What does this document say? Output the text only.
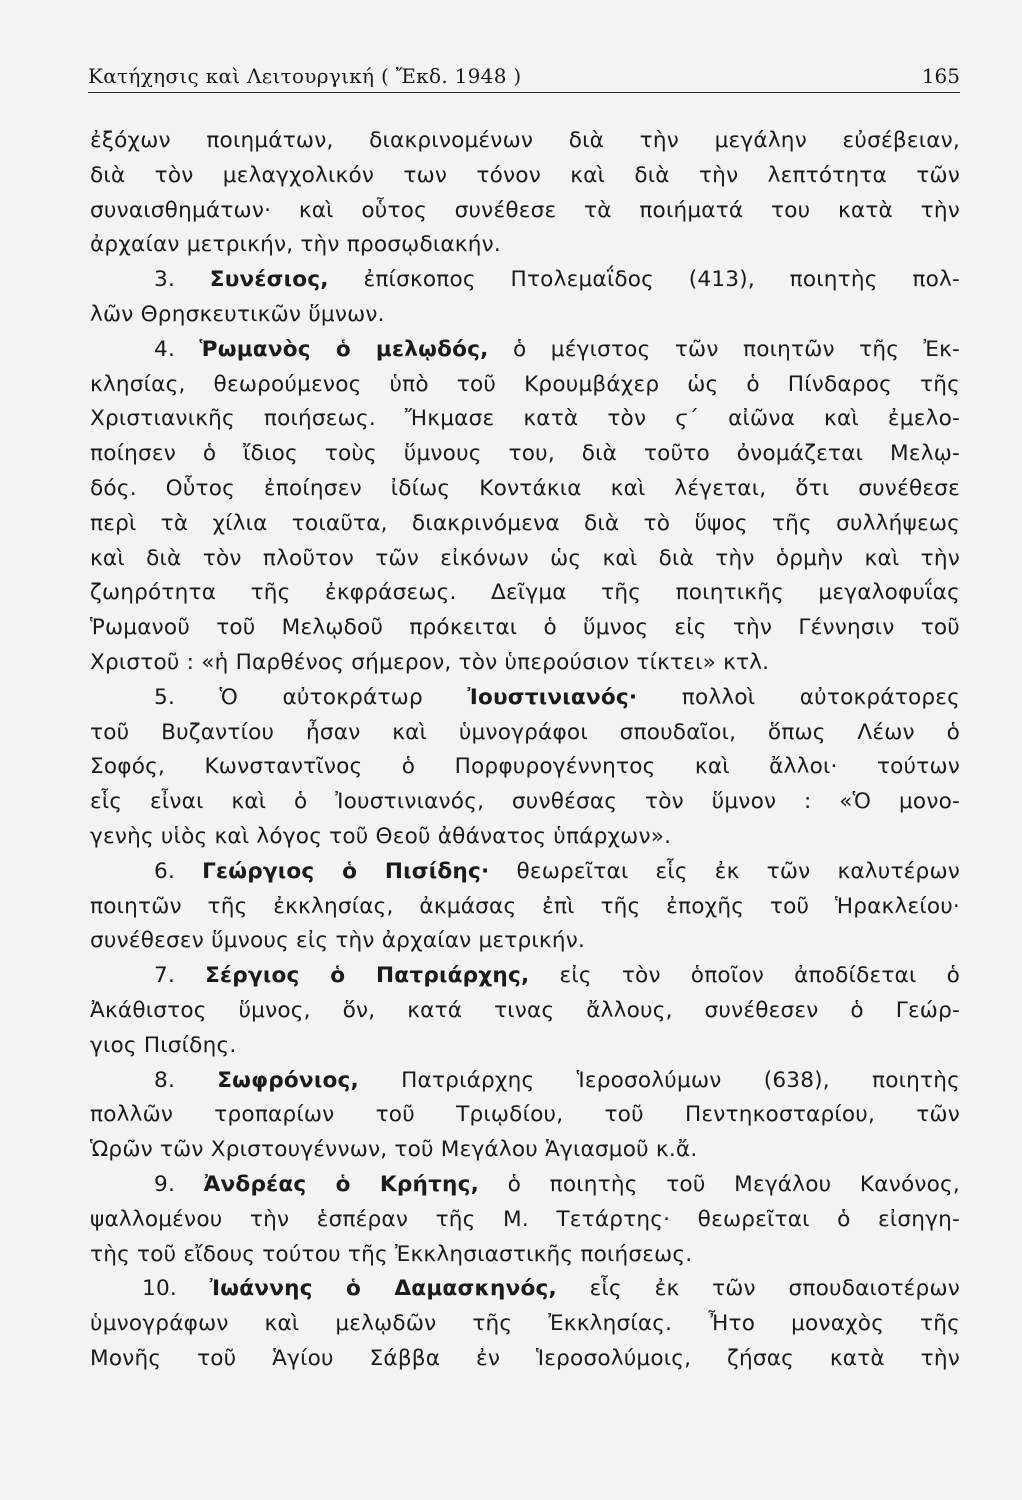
Κατήχησις καὶ Λειτουργική ( Ἔκδ. 1948 )	165
ἐξόχων ποιημάτων, διακρινομένων διὰ τὴν μεγάλην εὐσέβειαν,
διὰ τὸν μελαγχολικόν των τόνον καὶ διὰ τὴν λεπτότητα τῶν
συναισθημάτων· καὶ οὗτος συνέθεσε τὰ ποιήματά του κατὰ τὴν
ἀρχαίαν μετρικήν, τὴν προσῳδιακήν.
3. Συνέσιος, ἐπίσκοπος Πτολεμαΐδος (413), ποιητὴς πολ-
λῶν Θρησκευτικῶν ὕμνων.
4. Ῥωμανὸς ὁ μελῳδός, ὁ μέγιστος τῶν ποιητῶν τῆς Ἐκ-
κλησίας, θεωρούμενος ὑπὸ τοῦ Κρουμβάχερ ὡς ὁ Πίνδαρος τῆς
Χριστιανικῆς ποιήσεως. Ἤκμασε κατὰ τὸν ϛ΄ αἰῶνα καὶ ἐμελο-
ποίησεν ὁ ἴδιος τοὺς ὕμνους του, διὰ τοῦτο ὀνομάζεται Μελῳ-
δός. Οὗτος ἐποίησεν ἰδίως Κοντάκια καὶ λέγεται, ὅτι συνέθεσε
περὶ τὰ χίλια τοιαῦτα, διακρινόμενα διὰ τὸ ὕψος τῆς συλλήψεως
καὶ διὰ τὸν πλοῦτον τῶν εἰκόνων ὡς καὶ διὰ τὴν ὁρμὴν καὶ τὴν
ζωηρότητα τῆς ἐκφράσεως. Δεῖγμα τῆς ποιητικῆς μεγαλοφυΐας
Ῥωμανοῦ τοῦ Μελῳδοῦ πρόκειται ὁ ὕμνος εἰς τὴν Γέννησιν τοῦ
Χριστοῦ : «ἡ Παρθένος σήμερον, τὸν ὑπερούσιον τίκτει» κτλ.
5. Ὁ αὐτοκράτωρ Ἰουστινιανός· πολλοὶ αὐτοκράτορες
τοῦ Βυζαντίου ἦσαν καὶ ὑμνογράφοι σπουδαῖοι, ὅπως Λέων ὁ
Σοφός, Κωνσταντῖνος ὁ Πορφυρογέννητος καὶ ἄλλοι· τούτων
εἷς εἶναι καὶ ὁ Ἰουστινιανός, συνθέσας τὸν ὕμνον : «Ὁ μονο-
γενὴς υἱὸς καὶ λόγος τοῦ Θεοῦ ἀθάνατος ὑπάρχων».
6. Γεώργιος ὁ Πισίδης· θεωρεῖται εἷς ἐκ τῶν καλυτέρων
ποιητῶν τῆς ἐκκλησίας, ἀκμάσας ἐπὶ τῆς ἐποχῆς τοῦ Ἡρακλείου·
συνέθεσεν ὕμνους εἰς τὴν ἀρχαίαν μετρικήν.
7. Σέργιος ὁ Πατριάρχης, εἰς τὸν ὁποῖον ἀποδίδεται ὁ
Ἀκάθιστος ὕμνος, ὅν, κατά τινας ἄλλους, συνέθεσεν ὁ Γεώρ-
γιος Πισίδης.
8. Σωφρόνιος, Πατριάρχης Ἱεροσολύμων (638), ποιητὴς
πολλῶν τροπαρίων τοῦ Τριῳδίου, τοῦ Πεντηκοσταρίου, τῶν
Ὡρῶν τῶν Χριστουγέννων, τοῦ Μεγάλου Ἁγιασμοῦ κ.ἄ.
9. Ἀνδρέας ὁ Κρήτης, ὁ ποιητὴς τοῦ Μεγάλου Κανόνος,
ψαλλομένου τὴν ἑσπέραν τῆς Μ. Τετάρτης· θεωρεῖται ὁ εἰσηγη-
τὴς τοῦ εἴδους τούτου τῆς Ἐκκλησιαστικῆς ποιήσεως.
10. Ἰωάννης ὁ Δαμασκηνός, εἷς ἐκ τῶν σπουδαιοτέρων
ὑμνογράφων καὶ μελῳδῶν τῆς Ἐκκλησίας. Ἦτο μοναχὸς τῆς
Μονῆς τοῦ Ἁγίου Σάββα ἐν Ἱεροσολύμοις, ζήσας κατὰ τὴν
